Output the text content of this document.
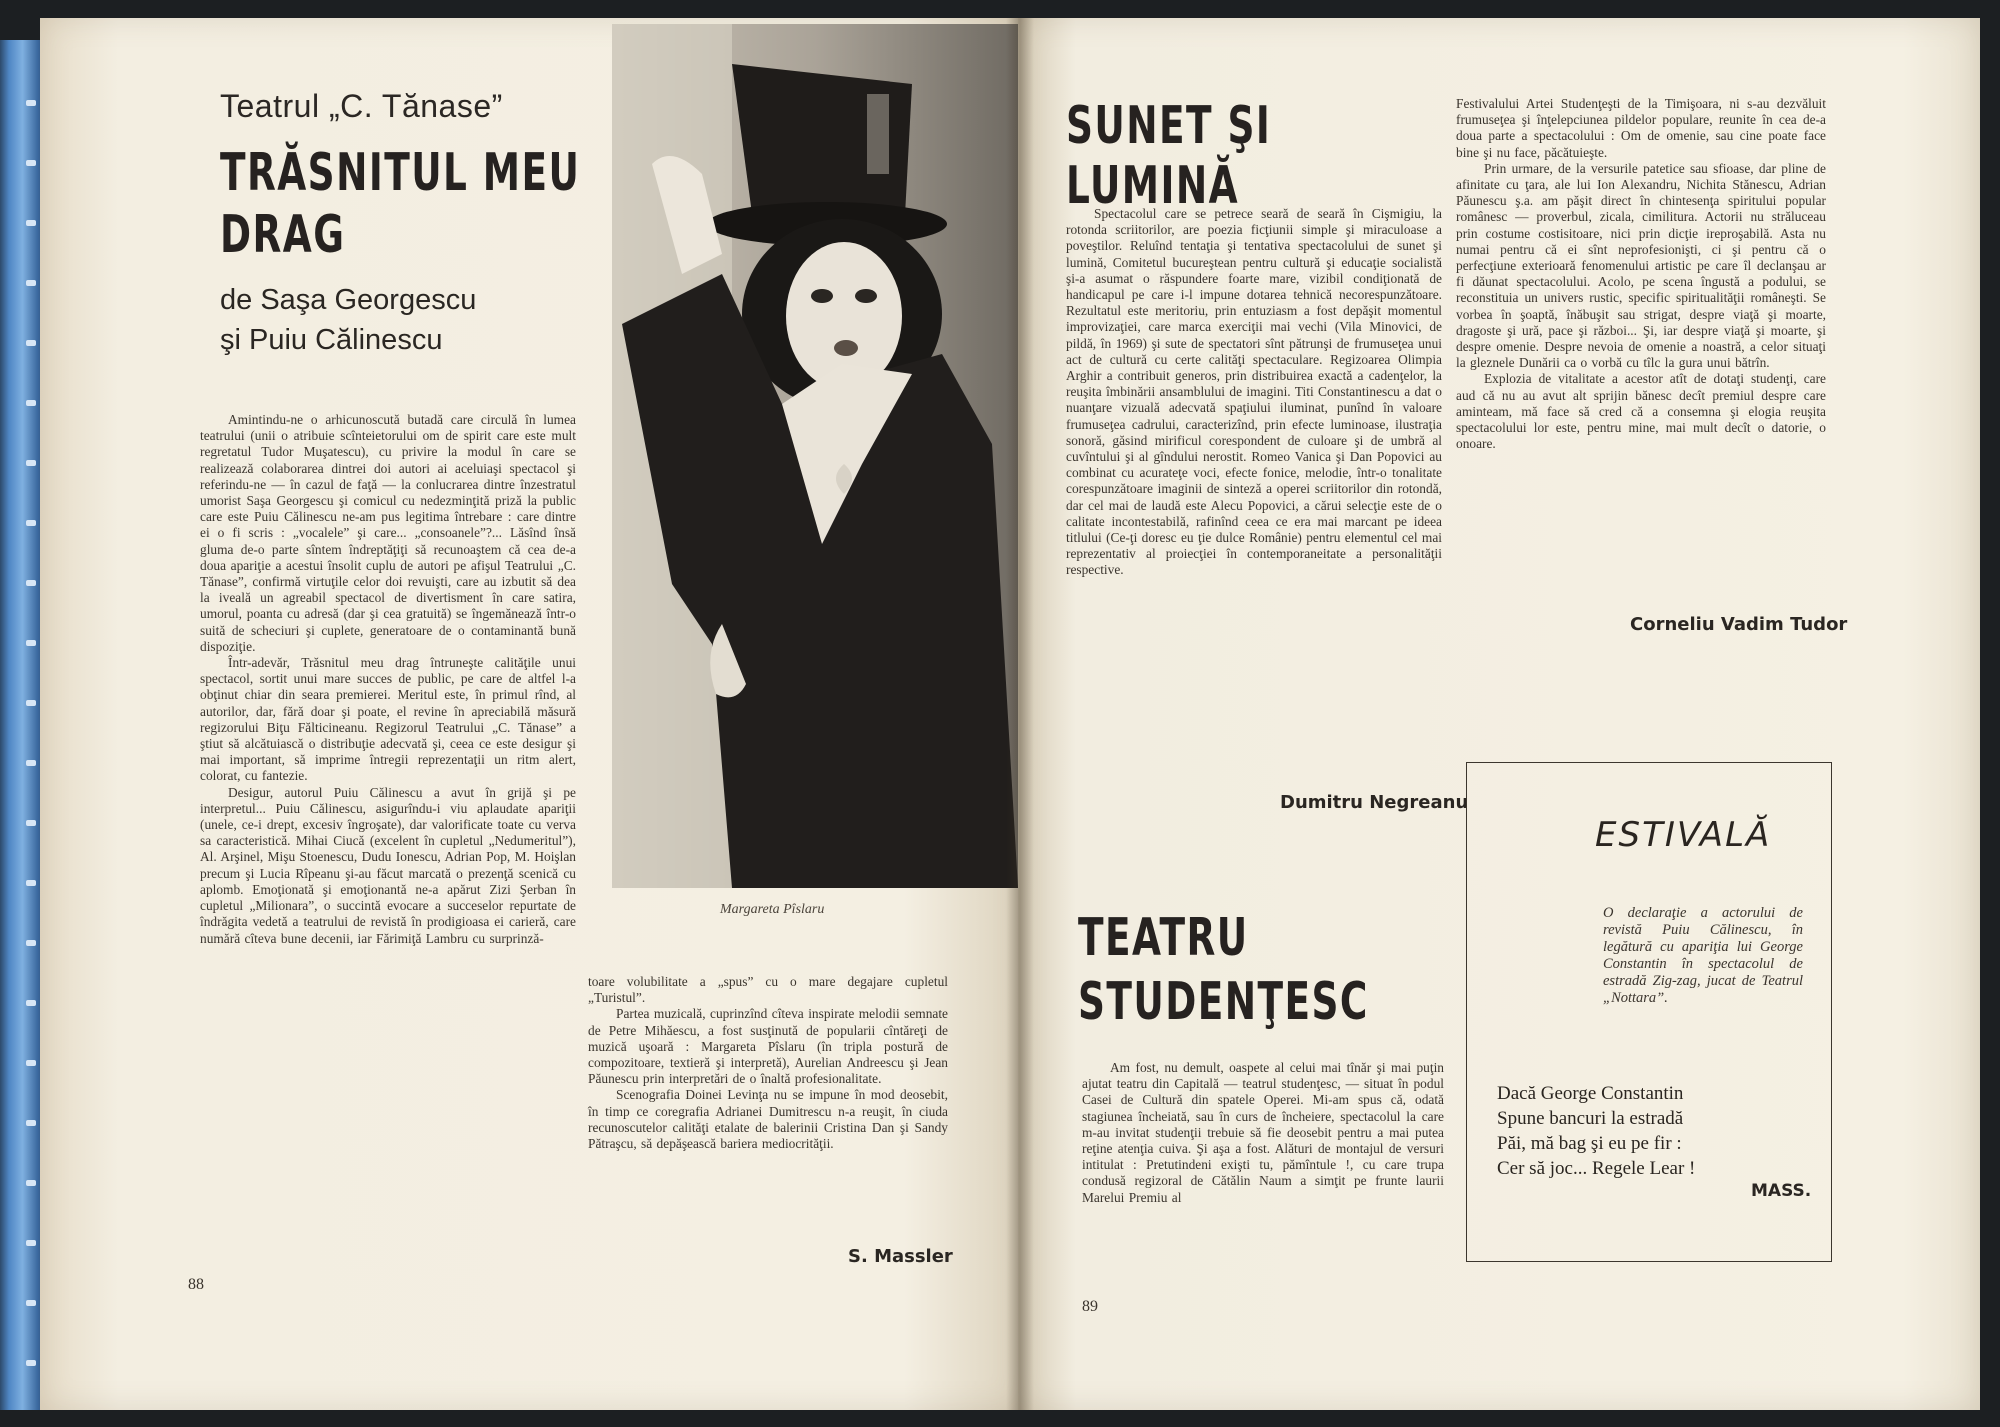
Teatrul „C. Tănase”
TRĂSNITUL MEU
DRAG
de Saşa Georgescu
şi Puiu Călinescu

Amintindu-ne o arhicunoscută butadă care circulă în lumea teatrului (unii o atribuie scînteietorului om de spirit care este mult regretatul Tudor Muşatescu), cu privire la modul în care se realizează colaborarea dintrei doi autori ai aceluiaşi spectacol şi referindu-ne — în cazul de faţă — la conlucrarea dintre înzestratul umorist Saşa Georgescu şi comicul cu nedezminţită priză la public care este Puiu Călinescu ne-am pus legitima întrebare : care dintre ei o fi scris : „vocalele” şi care... „consoanele”?... Lăsînd însă gluma de-o parte sîntem îndreptăţiţi să recunoaştem că cea de-a doua apariţie a acestui însolit cuplu de autori pe afişul Teatrului „C. Tănase”, confirmă virtuţile celor doi revuişti, care au izbutit să dea la iveală un agreabil spectacol de divertisment în care satira, umorul, poanta cu adresă (dar şi cea gratuită) se îngemănează într-o suită de scheciuri şi cuplete, generatoare de o contaminantă bună dispoziţie.

Într-adevăr, Trăsnitul meu drag întruneşte calităţile unui spectacol, sortit unui mare succes de public, pe care de altfel l-a obţinut chiar din seara premierei. Meritul este, în primul rînd, al autorilor, dar, fără doar şi poate, el revine în apreciabilă măsură regizorului Biţu Fălticineanu. Regizorul Teatrului „C. Tănase” a ştiut să alcătuiască o distribuţie adecvată şi, ceea ce este desigur şi mai important, să imprime întregii reprezentaţii un ritm alert, colorat, cu fantezie.

Desigur, autorul Puiu Călinescu a avut în grijă şi pe interpretul... Puiu Călinescu, asigurîndu-i viu aplaudate apariţii (unele, ce-i drept, excesiv îngroşate), dar valorificate toate cu verva sa caracteristică. Mihai Ciucă (excelent în cupletul „Nedumeritul”), Al. Arşinel, Mişu Stoenescu, Dudu Ionescu, Adrian Pop, M. Hoişlan precum şi Lucia Rîpeanu şi-au făcut marcată o prezenţă scenică cu aplomb. Emoţionată şi emoţionantă ne-a apărut Zizi Şerban în cupletul „Milionara”, o succintă evocare a succeselor repurtate de îndrăgita vedetă a teatrului de revistă în prodigioasa ei carieră, care numără cîteva bune decenii, iar Fărimiţă Lambru cu surprinză-

Margareta Pîslaru

toare volubilitate a „spus” cu o mare degajare cupletul „Turistul”.

Partea muzicală, cuprinzînd cîteva inspirate melodii semnate de Petre Mihăescu, a fost susţinută de popularii cîntăreţi de muzică uşoară : Margareta Pîslaru (în tripla postură de compozitoare, textieră şi interpretă), Aurelian Andreescu şi Jean Păunescu prin interpretări de o înaltă profesionalitate.

Scenografia Doinei Levinţa nu se impune în mod deosebit, în timp ce coregrafia Adrianei Dumitrescu n-a reuşit, în ciuda recunoscutelor calităţi etalate de balerinii Cristina Dan şi Sandy Pătraşcu, să depăşească bariera mediocrităţii.

S. Massler
88
SUNET ŞI LUMINĂ

Spectacolul care se petrece seară de seară în Cişmigiu, la rotonda scriitorilor, are poezia ficţiunii simple şi miraculoase a poveştilor. Reluînd tentaţia şi tentativa spectacolului de sunet şi lumină, Comitetul bucureştean pentru cultură şi educaţie socialistă şi-a asumat o răspundere foarte mare, vizibil condiţionată de handicapul pe care i-l impune dotarea tehnică necorespunzătoare. Rezultatul este meritoriu, prin entuziasm a fost depăşit momentul improvizaţiei, care marca exerciţii mai vechi (Vila Minovici, de pildă, în 1969) şi sute de spectatori sînt pătrunşi de frumuseţea unui act de cultură cu certe calităţi spectaculare. Regizoarea Olimpia Arghir a contribuit generos, prin distribuirea exactă a cadenţelor, la reuşita îmbinării ansamblului de imagini. Titi Constantinescu a dat o nuanţare vizuală adecvată spaţiului iluminat, punînd în valoare frumuseţea cadrului, caracterizînd, prin efecte luminoase, ilustraţia sonoră, găsind mirificul corespondent de culoare şi de umbră al cuvîntului şi al gîndului nerostit. Romeo Vanica şi Dan Popovici au combinat cu acurateţe voci, efecte fonice, melodie, într-o tonalitate corespunzătoare imaginii de sinteză a operei scriitorilor din rotondă, dar cel mai de laudă este Alecu Popovici, a cărui selecţie este de o calitate incontestabilă, rafinînd ceea ce era mai marcant pe ideea titlului (Ce-ţi doresc eu ţie dulce Românie) pentru elementul cel mai reprezentativ al proiecţiei în contemporaneitate a personalităţii respective.

Dumitru Negreanu

Festivalului Artei Studenţeşti de la Timişoara, ni s-au dezvăluit frumuseţea şi înţelepciunea pildelor populare, reunite în cea de-a doua parte a spectacolului : Om de omenie, sau cine poate face bine şi nu face, păcătuieşte.

Prin urmare, de la versurile patetice sau sfioase, dar pline de afinitate cu ţara, ale lui Ion Alexandru, Nichita Stănescu, Adrian Păunescu ş.a. am păşit direct în chintesenţa spiritului popular românesc — proverbul, zicala, cimilitura. Actorii nu străluceau prin costume costisitoare, nici prin dicţie ireproşabilă. Asta nu numai pentru că ei sînt neprofesionişti, ci şi pentru că o perfecţiune exterioară fenomenului artistic pe care îl declanşau ar fi dăunat spectacolului. Acolo, pe scena îngustă a podului, se reconstituia un univers rustic, specific spiritualităţii româneşti. Se vorbea în şoaptă, înăbuşit sau strigat, despre viaţă şi moarte, dragoste şi ură, pace şi război... Şi, iar despre viaţă şi moarte, şi despre omenie. Despre nevoia de omenie a noastră, a celor situaţi la gleznele Dunării ca o vorbă cu tîlc la gura unui bătrîn.

Explozia de vitalitate a acestor atît de dotaţi studenţi, care aud că nu au avut alt sprijin bănesc decît premiul despre care aminteam, mă face să cred că a consemna şi elogia reuşita spectacolului lor este, pentru mine, mai mult decît o datorie, o onoare.

Corneliu Vadim Tudor
TEATRU
STUDENŢESC

Am fost, nu demult, oaspete al celui mai tînăr şi mai puţin ajutat teatru din Capitală — teatrul studenţesc, — situat în podul Casei de Cultură din spatele Operei. Mi-am spus că, odată stagiunea încheiată, sau în curs de încheiere, spectacolul la care m-au invitat studenţii trebuie să fie deosebit pentru a mai putea reţine atenţia cuiva. Şi aşa a fost. Alături de montajul de versuri intitulat : Pretutindeni exişti tu, pămîntule !, cu care trupa condusă regizoral de Cătălin Naum a simţit pe frunte laurii Marelui Premiu al

ESTIVALĂ
O declaraţie a actorului de revistă Puiu Călinescu, în legătură cu apariţia lui George Constantin în spectacolul de estradă Zig-zag, jucat de Teatrul „Nottara”.
Dacă George Constantin
Spune bancuri la estradă
Păi, mă bag şi eu pe fir :
Cer să joc... Regele Lear !
MASS.
89
